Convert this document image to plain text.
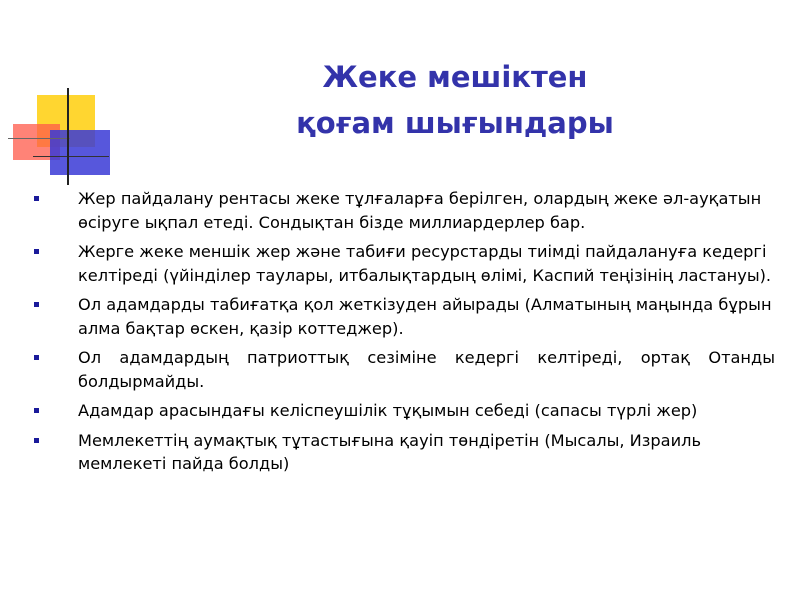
Жеке мешіктен
қоғам шығындары
Жер пайдалану рентасы жеке тұлғаларға берілген, олардың жеке әл-ауқатын өсіруге ықпал етеді. Сондықтан бізде миллиардерлер бар.
Жерге жеке меншік жер және табиғи ресурстарды тиімді пайдалануға кедергі келтіреді (үйінділер таулары, итбалықтардың өлімі, Каспий теңізінің ластануы).
Ол адамдарды табиғатқа қол жеткізуден айырады (Алматының маңында бұрын алма бақтар өскен, қазір коттеджер).
Ол адамдардың патриоттық сезіміне кедергі келтіреді, ортақ Отанды болдырмайды.
Адамдар арасындағы келіспеушілік тұқымын себеді (сапасы түрлі жер)
Мемлекеттің аумақтық тұтастығына қауіп төндіретін (Мысалы, Израиль мемлекеті пайда болды)
